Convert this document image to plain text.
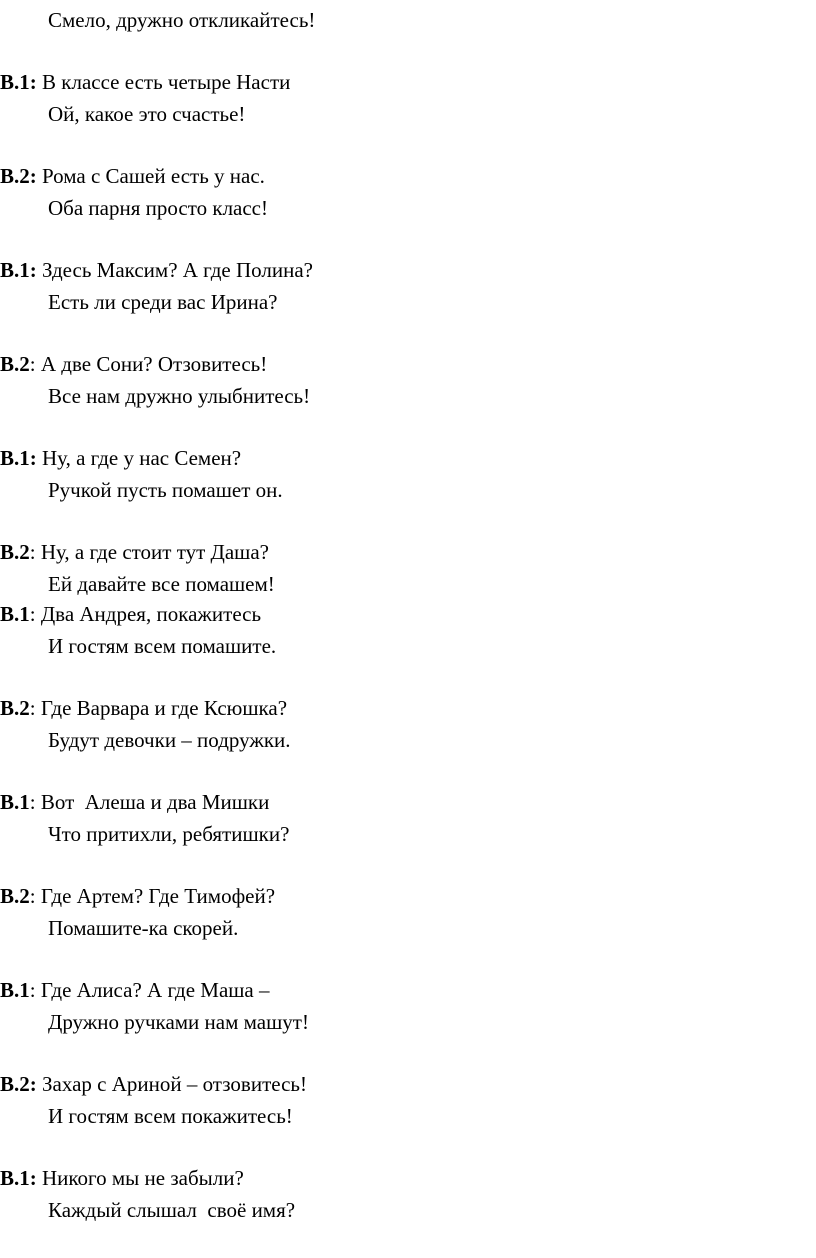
Смело, дружно откликайтесь!
В.1: В классе есть четыре Насти
Ой, какое это счастье!
В.2: Рома с Сашей есть у нас.
Оба парня просто класс!
В.1: Здесь Максим? А где Полина?
Есть ли среди вас Ирина?
В.2: А две Сони? Отзовитесь!
Все нам дружно улыбнитесь!
В.1: Ну, а где у нас Семен?
Ручкой пусть помашет он.
В.2: Ну, а где стоит тут Даша?
Ей давайте все помашем!
В.1: Два Андрея, покажитесь
И гостям всем помашите.
В.2: Где Варвара и где Ксюшка?
Будут девочки – подружки.
В.1: Вот  Алеша и два Мишки
Что притихли, ребятишки?
В.2: Где Артем? Где Тимофей?
Помашите-ка скорей.
В.1: Где Алиса? А где Маша –
Дружно ручками нам машут!
В.2: Захар с Ариной – отзовитесь!
И гостям всем покажитесь!
В.1: Никого мы не забыли?
Каждый слышал  своё имя?
